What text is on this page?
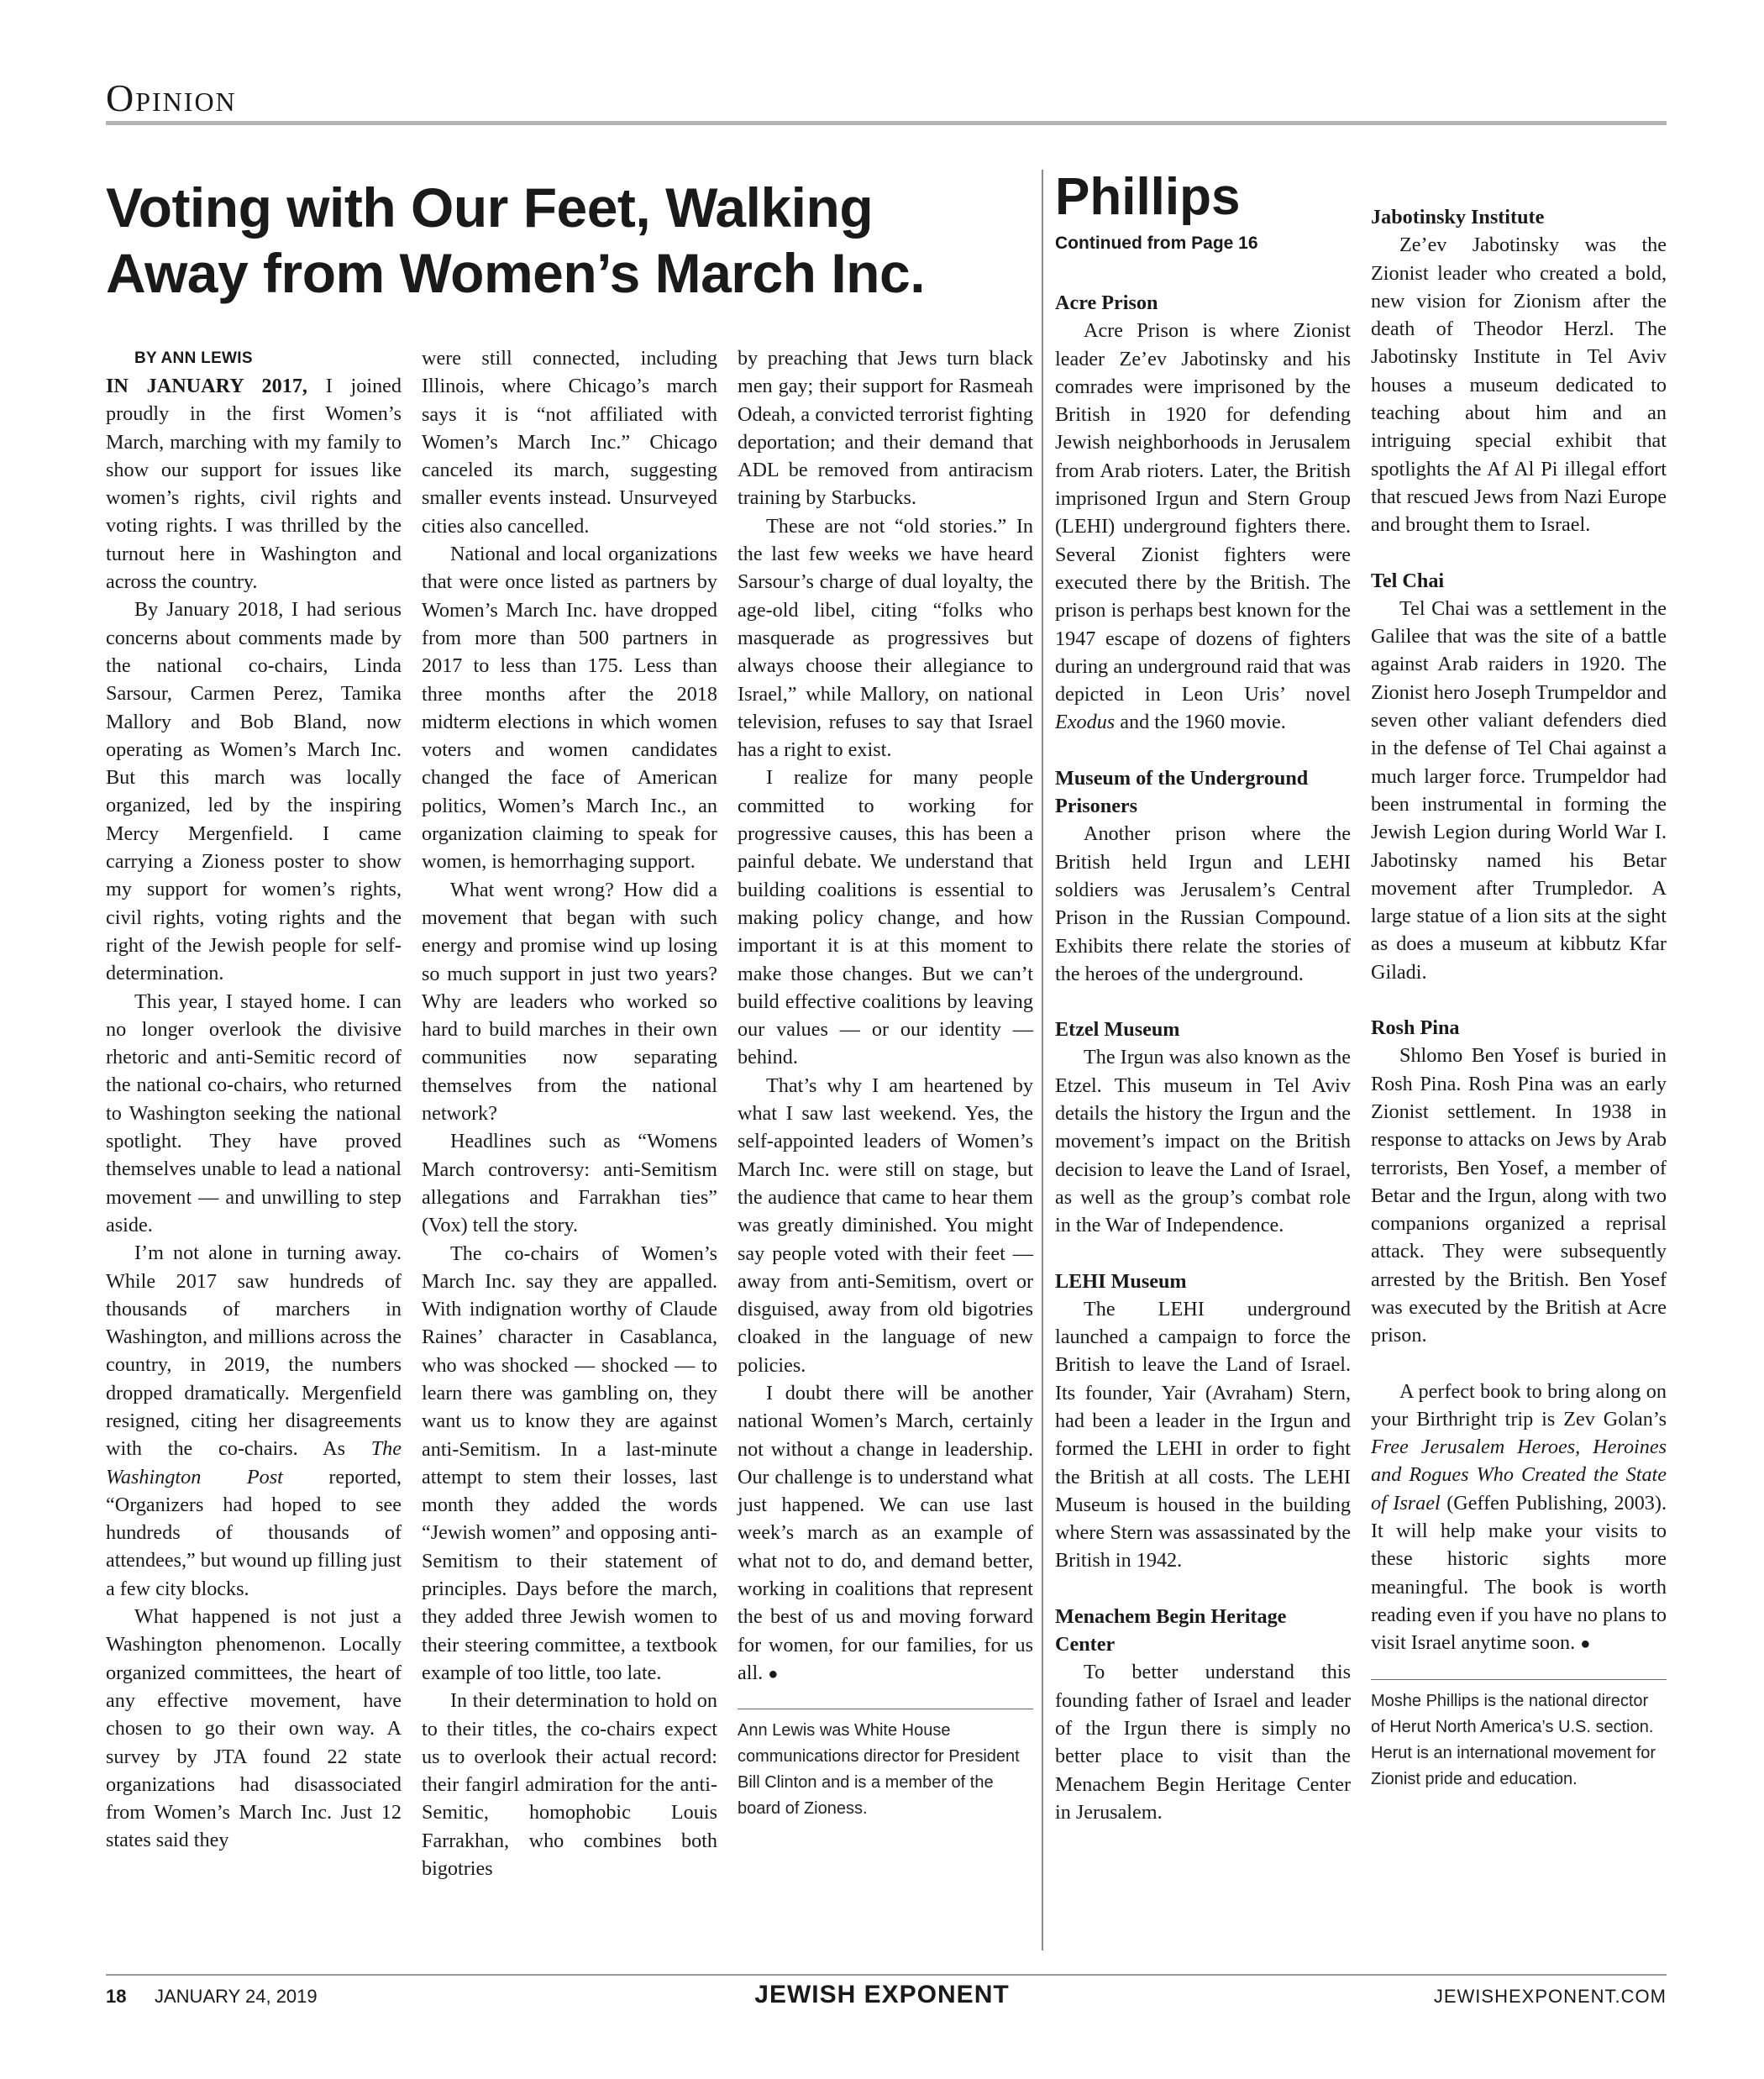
Opinion
Voting with Our Feet, Walking Away from Women’s March Inc.

BY ANN LEWIS

IN JANUARY 2017, I joined proudly in the first Women’s March, marching with my family to show our support for issues like women’s rights, civil rights and voting rights. I was thrilled by the turnout here in Washington and across the country.

By January 2018, I had serious concerns about comments made by the national co-chairs, Linda Sarsour, Carmen Perez, Tamika Mallory and Bob Bland, now operating as Women’s March Inc. But this march was locally organized, led by the inspiring Mercy Mergenfield. I came carrying a Zioness poster to show my support for women’s rights, civil rights, voting rights and the right of the Jewish people for self-determination.

This year, I stayed home. I can no longer overlook the divisive rhetoric and anti-Semitic record of the national co-chairs, who returned to Washington seeking the national spotlight. They have proved themselves unable to lead a national movement — and unwilling to step aside.

I’m not alone in turning away. While 2017 saw hundreds of thousands of marchers in Washington, and millions across the country, in 2019, the numbers dropped dramatically. Mergenfield resigned, citing her disagreements with the co-chairs. As The Washington Post reported, “Organizers had hoped to see hundreds of thousands of attendees,” but wound up filling just a few city blocks.

What happened is not just a Washington phenomenon. Locally organized committees, the heart of any effective movement, have chosen to go their own way. A survey by JTA found 22 state organizations had disassociated from Women’s March Inc. Just 12 states said they

were still connected, including Illinois, where Chicago’s march says it is “not affiliated with Women’s March Inc.” Chicago canceled its march, suggesting smaller events instead. Unsurveyed cities also cancelled.

National and local organizations that were once listed as partners by Women’s March Inc. have dropped from more than 500 partners in 2017 to less than 175. Less than three months after the 2018 midterm elections in which women voters and women candidates changed the face of American politics, Women’s March Inc., an organization claiming to speak for women, is hemorrhaging support.

What went wrong? How did a movement that began with such energy and promise wind up losing so much support in just two years? Why are leaders who worked so hard to build marches in their own communities now separating themselves from the national network?

Headlines such as “Womens March controversy: anti-Semitism allegations and Farrakhan ties” (Vox) tell the story.

The co-chairs of Women’s March Inc. say they are appalled. With indignation worthy of Claude Raines’ character in Casablanca, who was shocked — shocked — to learn there was gambling on, they want us to know they are against anti-Semitism. In a last-minute attempt to stem their losses, last month they added the words “Jewish women” and opposing anti-Semitism to their statement of principles. Days before the march, they added three Jewish women to their steering committee, a textbook example of too little, too late.

In their determination to hold on to their titles, the co-chairs expect us to overlook their actual record: their fangirl admiration for the anti-Semitic, homophobic Louis Farrakhan, who combines both bigotries

by preaching that Jews turn black men gay; their support for Rasmeah Odeah, a convicted terrorist fighting deportation; and their demand that ADL be removed from antiracism training by Starbucks.

These are not “old stories.” In the last few weeks we have heard Sarsour’s charge of dual loyalty, the age-old libel, citing “folks who masquerade as progressives but always choose their allegiance to Israel,” while Mallory, on national television, refuses to say that Israel has a right to exist.

I realize for many people committed to working for progressive causes, this has been a painful debate. We understand that building coalitions is essential to making policy change, and how important it is at this moment to make those changes. But we can’t build effective coalitions by leaving our values — or our identity — behind.

That’s why I am heartened by what I saw last weekend. Yes, the self-appointed leaders of Women’s March Inc. were still on stage, but the audience that came to hear them was greatly diminished. You might say people voted with their feet — away from anti-Semitism, overt or disguised, away from old bigotries cloaked in the language of new policies.

I doubt there will be another national Women’s March, certainly not without a change in leadership. Our challenge is to understand what just happened. We can use last week’s march as an example of what not to do, and demand better, working in coalitions that represent the best of us and moving forward for women, for our families, for us all. ●

Ann Lewis was White House communications director for President Bill Clinton and is a member of the board of Zioness.
Phillips

Continued from Page 16

Acre Prison

Acre Prison is where Zionist leader Ze’ev Jabotinsky and his comrades were imprisoned by the British in 1920 for defending Jewish neighborhoods in Jerusalem from Arab rioters. Later, the British imprisoned Irgun and Stern Group (LEHI) underground fighters there. Several Zionist fighters were executed there by the British. The prison is perhaps best known for the 1947 escape of dozens of fighters during an underground raid that was depicted in Leon Uris’ novel Exodus and the 1960 movie.

Museum of the Underground Prisoners

Another prison where the British held Irgun and LEHI soldiers was Jerusalem’s Central Prison in the Russian Compound. Exhibits there relate the stories of the heroes of the underground.

Etzel Museum

The Irgun was also known as the Etzel. This museum in Tel Aviv details the history the Irgun and the movement’s impact on the British decision to leave the Land of Israel, as well as the group’s combat role in the War of Independence.

LEHI Museum

The LEHI underground launched a campaign to force the British to leave the Land of Israel. Its founder, Yair (Avraham) Stern, had been a leader in the Irgun and formed the LEHI in order to fight the British at all costs. The LEHI Museum is housed in the building where Stern was assassinated by the British in 1942.

Menachem Begin Heritage Center

To better understand this founding father of Israel and leader of the Irgun there is simply no better place to visit than the Menachem Begin Heritage Center in Jerusalem.

Jabotinsky Institute

Ze’ev Jabotinsky was the Zionist leader who created a bold, new vision for Zionism after the death of Theodor Herzl. The Jabotinsky Institute in Tel Aviv houses a museum dedicated to teaching about him and an intriguing special exhibit that spotlights the Af Al Pi illegal effort that rescued Jews from Nazi Europe and brought them to Israel.

Tel Chai

Tel Chai was a settlement in the Galilee that was the site of a battle against Arab raiders in 1920. The Zionist hero Joseph Trumpeldor and seven other valiant defenders died in the defense of Tel Chai against a much larger force. Trumpeldor had been instrumental in forming the Jewish Legion during World War I. Jabotinsky named his Betar movement after Trumpledor. A large statue of a lion sits at the sight as does a museum at kibbutz Kfar Giladi.

Rosh Pina

Shlomo Ben Yosef is buried in Rosh Pina. Rosh Pina was an early Zionist settlement. In 1938 in response to attacks on Jews by Arab terrorists, Ben Yosef, a member of Betar and the Irgun, along with two companions organized a reprisal attack. They were subsequently arrested by the British. Ben Yosef was executed by the British at Acre prison.

A perfect book to bring along on your Birthright trip is Zev Golan’s Free Jerusalem Heroes, Heroines and Rogues Who Created the State of Israel (Geffen Publishing, 2003). It will help make your visits to these historic sights more meaningful. The book is worth reading even if you have no plans to visit Israel anytime soon. ●

Moshe Phillips is the national director of Herut North America’s U.S. section. Herut is an international movement for Zionist pride and education.
18 JANUARY 24, 2019	JEWISH EXPONENT	JEWISHEXPONENT.COM
